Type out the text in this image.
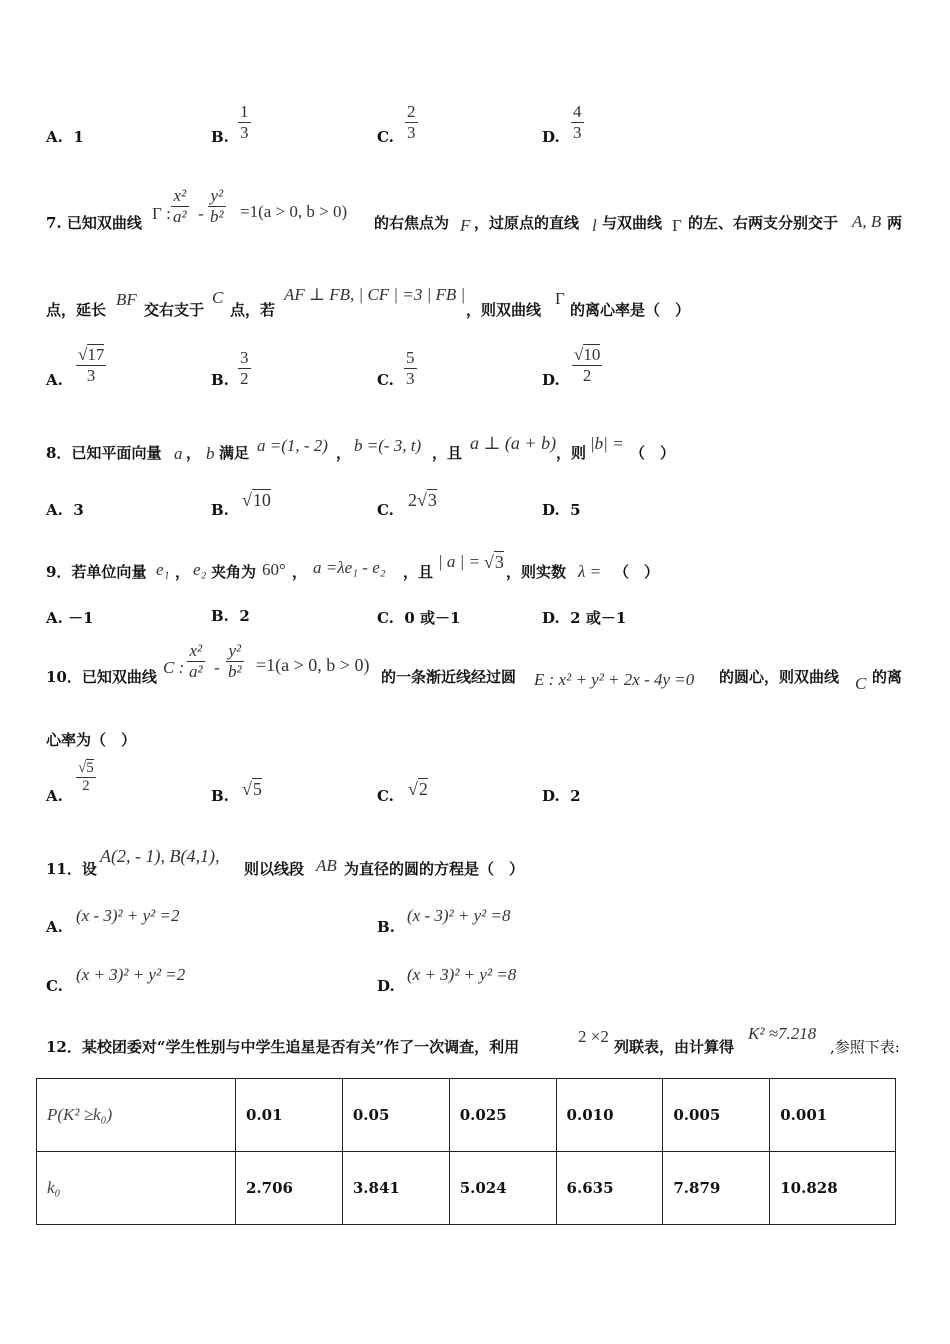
A. 1	B. $\frac{1}{3}$	C. $\frac{2}{3}$	D. $\frac{4}{3}$
7. 已知双曲线 Γ : $\frac{\text{x²}}{\text{a²}} - \frac{\text{y²}}{\text{b²}} =1(a > 0$, b > 0)
的右焦点为 F ，过原点的直线 l 与双曲线 Γ 的左、右两支分别交于 A, B 两
点，延长
BF
交右支于
C
点，若
AF ⊥ FB, | CF | =3 | FB |
，则双曲线
Γ
的离心率是（　）
A. $\frac{√17}{3}$	B. $\frac{3}{2}$	C. $\frac{5}{3}$	D. $\frac{√10}{2}$
8．已知平面向量 a ， b 满足 a =(1, - 2) ， b =(- 3, t) ，且 a ⊥ (a + b) ，则 |b| = （　）
A. 3	B. √10	C. 2√3	D. 5
9．若单位向量 e₁ ， e₂ 夹角为 60° ， a =λe₁ - e₂ ，且
| a | = √3 ，则实数 λ = （　）
A. －1	B. 2	C. 0 或－1	D. 2 或－1
10．已知双曲线 C : $\frac{\text{x²}}{\text{a²}} - \frac{\text{y²}}{\text{b²}} =1(a > 0$, b > 0)
的一条渐近线经过圆 E : x² + y² + 2x - 4y =0 的圆心，则双曲线 C 的离
心率为（　）
A.
$\frac{√5}{2}$
B. √5	C. √2	D. 2
11．设
A(2, - 1), B(4,1),
则以线段 AB 为直径的圆的方程是（　）
A.
(x - 3)² + y² =2
B.
(x - 3)² + y² =8
C.
(x + 3)² + y² =2
D.
(x + 3)² + y² =8
12．某校团委对“学生性别与中学生追星是否有关”作了一次调查，利用
2 ×2
列联表，由计算得
K² ≈7.218
,参照下表:
P(K² ≥k₀)	0.01	0.05	0.025	0.010	0.005	0.001
k₀	2.706	3.841	5.024	6.635	7.879	10.828
